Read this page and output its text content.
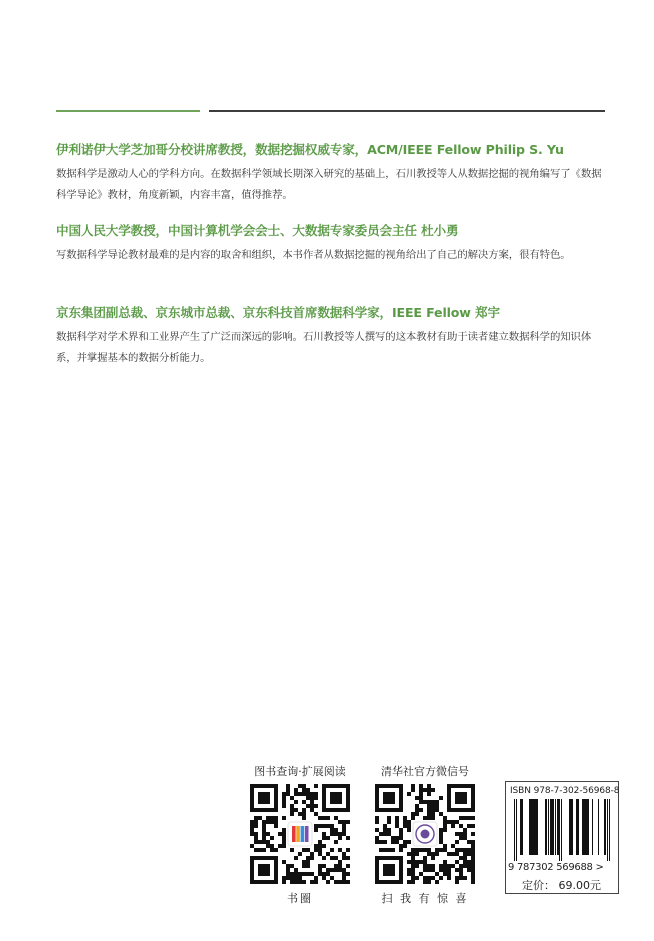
伊利诺伊大学芝加哥分校讲席教授，数据挖掘权威专家，ACM/IEEE Fellow Philip S. Yu
数据科学是激动人心的学科方向。在数据科学领域长期深入研究的基础上，石川教授等人从数据挖掘的视角编写了《数据科学导论》教材，角度新颖，内容丰富，值得推荐。
中国人民大学教授，中国计算机学会会士、大数据专家委员会主任 杜小勇
写数据科学导论教材最难的是内容的取舍和组织，本书作者从数据挖掘的视角给出了自己的解决方案，很有特色。
京东集团副总裁、京东城市总裁、京东科技首席数据科学家，IEEE Fellow 郑宇
数据科学对学术界和工业界产生了广泛而深远的影响。石川教授等人撰写的这本教材有助于读者建立数据科学的知识体系，并掌握基本的数据分析能力。
图书查询·扩展阅读
书圈
清华社官方微信号
扫 我 有 惊 喜
ISBN 978-7-302-56968-8
9 787302 569688 >
定价： 69.00元
